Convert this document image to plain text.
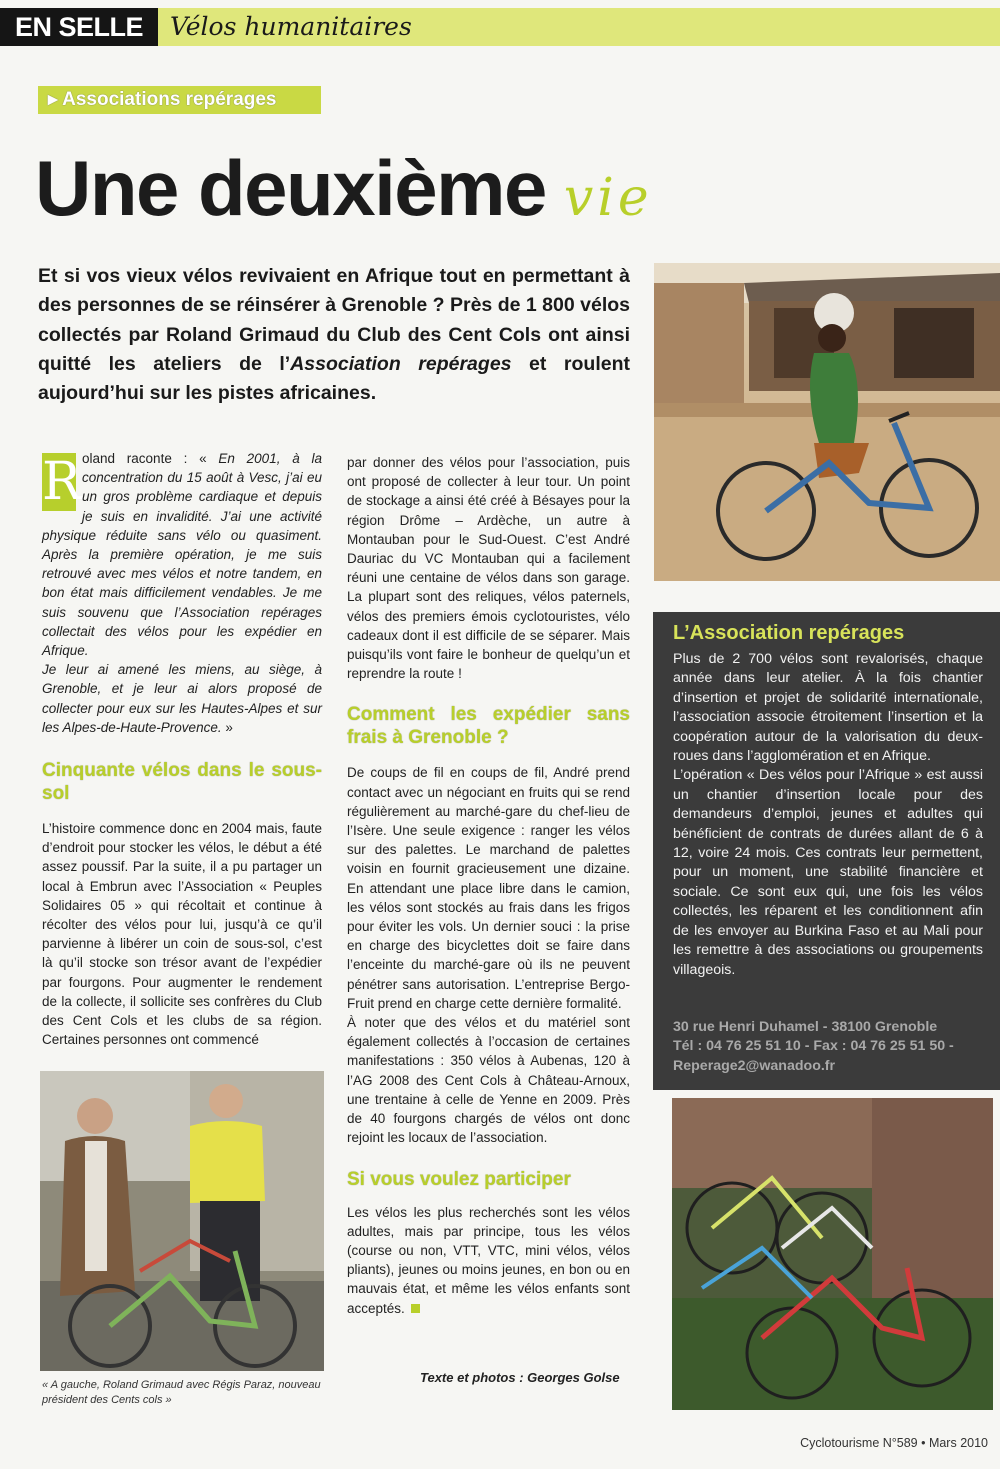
EN SELLE	Vélos humanitaires
▸ Associations repérages
Une deuxième vie
Et si vos vieux vélos revivaient en Afrique tout en permettant à des personnes de se réinsérer à Grenoble ? Près de 1 800 vélos collectés par Roland Grimaud du Club des Cent Cols ont ainsi quitté les ateliers de l’Association repérages et roulent aujourd’hui sur les pistes africaines.
R oland raconte : « En 2001, à la concentration du 15 août à Vesc, j’ai eu un gros problème cardiaque et depuis je suis en invalidité. J’ai une activité physique réduite sans vélo ou quasiment. Après la première opération, je me suis retrouvé avec mes vélos et notre tandem, en bon état mais difficilement vendables. Je me suis souvenu que l’Association repérages collectait des vélos pour les expédier en Afrique.

Je leur ai amené les miens, au siège, à Grenoble, et je leur ai alors proposé de collecter pour eux sur les Hautes-Alpes et sur les Alpes-de-Haute-Provence. »

Cinquante vélos dans le sous-sol

L’histoire commence donc en 2004 mais, faute d’endroit pour stocker les vélos, le début a été assez poussif. Par la suite, il a pu partager un local à Embrun avec l’Association « Peuples Solidaires 05 » qui récoltait et continue à récolter des vélos pour lui, jusqu’à ce qu’il parvienne à libérer un coin de sous-sol, c’est là qu’il stocke son trésor avant de l’expédier par fourgons. Pour augmenter le rendement de la collecte, il sollicite ses confrères du Club des Cent Cols et les clubs de sa région. Certaines personnes ont commencé

« A gauche, Roland Grimaud avec Régis Paraz, nouveau président des Cents cols »

par donner des vélos pour l’association, puis ont proposé de collecter à leur tour. Un point de stockage a ainsi été créé à Bésayes pour la région Drôme – Ardèche, un autre à Montauban pour le Sud-Ouest. C’est André Dauriac du VC Montauban qui a facilement réuni une centaine de vélos dans son garage. La plupart sont des reliques, vélos paternels, vélos des premiers émois cyclotouristes, vélo cadeaux dont il est difficile de se séparer. Mais puisqu’ils vont faire le bonheur de quelqu’un et reprendre la route !

Comment les expédier sans frais à Grenoble ?

De coups de fil en coups de fil, André prend contact avec un négociant en fruits qui se rend régulièrement au marché-gare du chef-lieu de l’Isère. Une seule exigence : ranger les vélos sur des palettes. Le marchand de palettes voisin en fournit gracieusement une dizaine. En attendant une place libre dans le camion, les vélos sont stockés au frais dans les frigos pour éviter les vols. Un dernier souci : la prise en charge des bicyclettes doit se faire dans l’enceinte du marché-gare où ils ne peuvent pénétrer sans autorisation. L’entreprise Bergo-Fruit prend en charge cette dernière formalité.

À noter que des vélos et du matériel sont également collectés à l’occasion de certaines manifestations : 350 vélos à Aubenas, 120 à l’AG 2008 des Cent Cols à Château-Arnoux, une trentaine à celle de Yenne en 2009. Près de 40 fourgons chargés de vélos ont donc rejoint les locaux de l’association.

Si vous voulez participer

Les vélos les plus recherchés sont les vélos adultes, mais par principe, tous les vélos (course ou non, VTT, VTC, mini vélos, vélos pliants), jeunes ou moins jeunes, en bon ou en mauvais état, et même les vélos enfants sont acceptés.

Texte et photos : Georges Golse
L’Association repérages

Plus de 2 700 vélos sont revalorisés, chaque année dans leur atelier. À la fois chantier d’insertion et projet de solidarité internationale, l’association associe étroitement l’insertion et la coopération autour de la valorisation du deux-roues dans l’agglomération et en Afrique.

L’opération « Des vélos pour l’Afrique » est aussi un chantier d’insertion locale pour des demandeurs d’emploi, jeunes et adultes qui bénéficient de contrats de durées allant de 6 à 12, voire 24 mois. Ces contrats leur permettent, pour un moment, une stabilité financière et sociale. Ce sont eux qui, une fois les vélos collectés, les réparent et les conditionnent afin de les envoyer au Burkina Faso et au Mali pour les remettre à des associations ou groupements villageois.

30 rue Henri Duhamel - 38100 Grenoble
Tél : 04 76 25 51 10 - Fax : 04 76 25 51 50 -
Reperage2@wanadoo.fr
Cyclotourisme N°589 • Mars 2010
